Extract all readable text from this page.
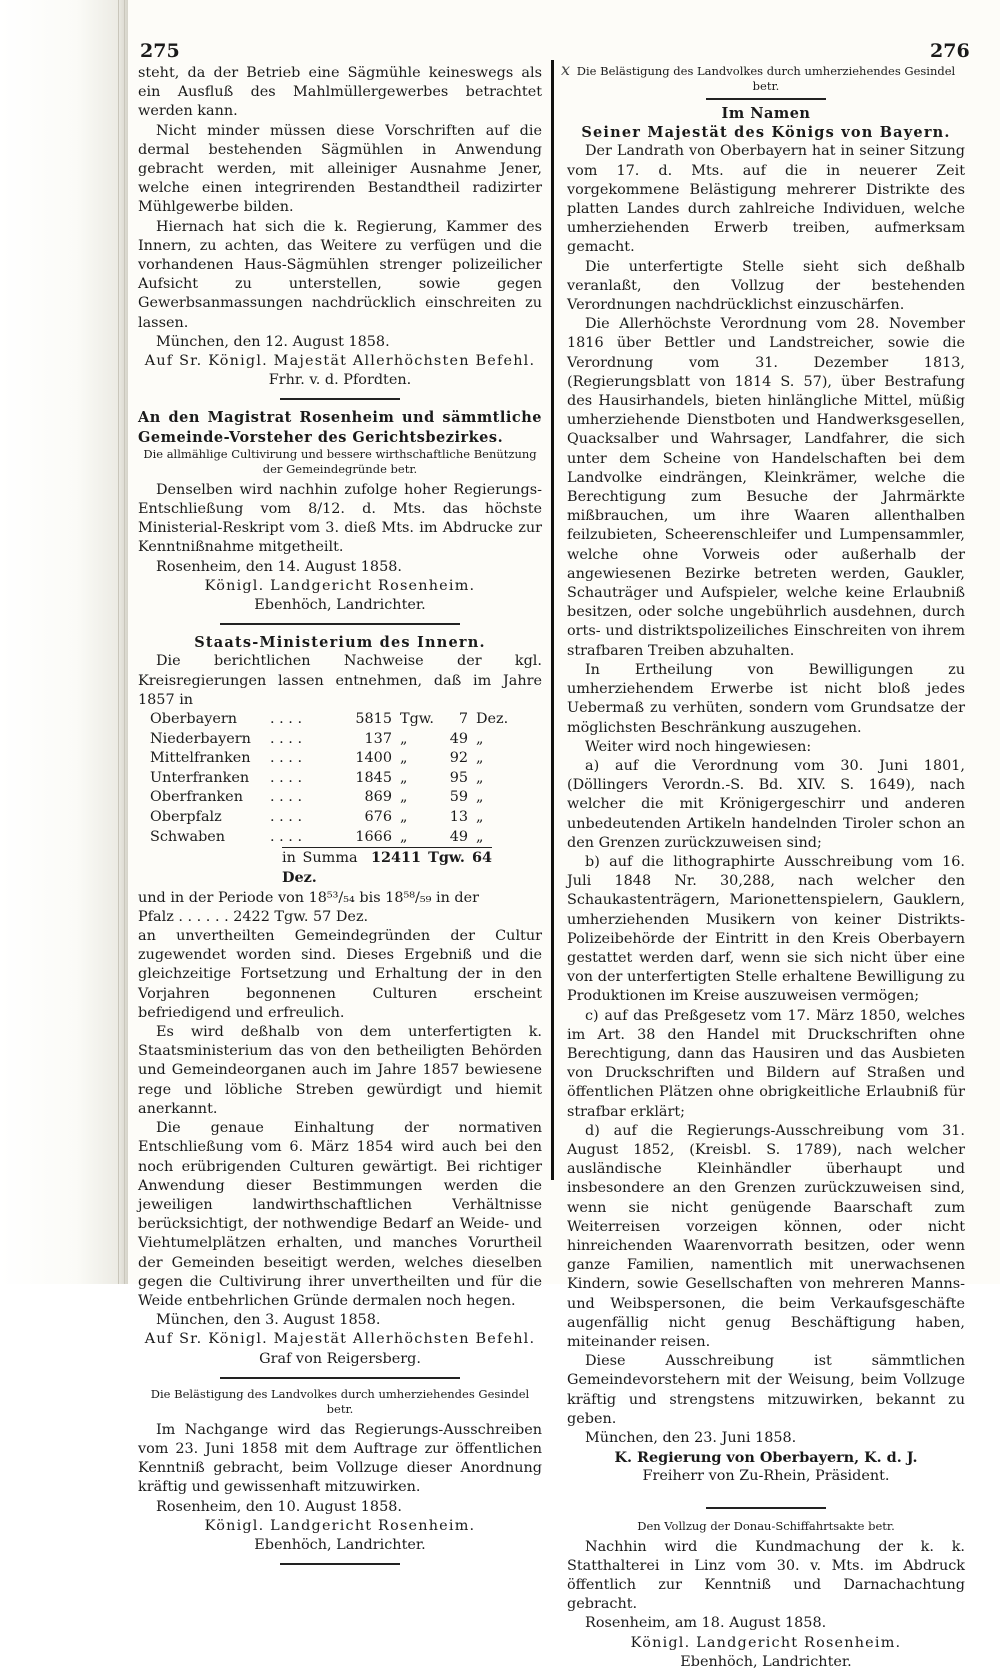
275	276
x

steht, da der Betrieb eine Sägmühle keineswegs als ein Ausfluß des Mahlmüllergewerbes betrachtet werden kann.

Nicht minder müssen diese Vorschriften auf die dermal bestehenden Sägmühlen in Anwendung gebracht werden, mit alleiniger Ausnahme Jener, welche einen integrirenden Bestandtheil radizirter Mühlgewerbe bilden.

Hiernach hat sich die k. Regierung, Kammer des Innern, zu achten, das Weitere zu verfügen und die vorhandenen Haus-Sägmühlen strenger polizeilicher Aufsicht zu unterstellen, sowie gegen Gewerbsanmassungen nachdrücklich einschreiten zu lassen.

München, den 12. August 1858.

Auf Sr. Königl. Majestät Allerhöchsten Befehl.

Frhr. v. d. Pfordten.

An den Magistrat Rosenheim und sämmtliche Gemeinde-Vorsteher des Gerichtsbezirkes.

Die allmählige Cultivirung und bessere wirthschaftliche Benützung der Gemeindegründe betr.

Denselben wird nachhin zufolge hoher Regierungs-Entschließung vom 8/12. d. Mts. das höchste Ministerial-Reskript vom 3. dieß Mts. im Abdrucke zur Kenntnißnahme mitgetheilt.

Rosenheim, den 14. August 1858.

Königl. Landgericht Rosenheim.

Ebenhöch, Landrichter.

Staats-Ministerium des Innern.

Die berichtlichen Nachweise der kgl. Kreisregierungen lassen entnehmen, daß im Jahre 1857 in

Oberbayern	. . . .	5815	Tgw.	7	Dez.
Niederbayern	. . . .	137	„	49	„
Mittelfranken	. . . .	1400	„	92	„
Unterfranken	. . . .	1845	„	95	„
Oberfranken	. . . .	869	„	59	„
Oberpfalz	. . . .	676	„	13	„
Schwaben	. . . .	1666	„	49	„

in Summa 12411 Tgw. 64 Dez.

und in der Periode von 18⁵³/₅₄ bis 18⁵⁸/₅₉ in der

Pfalz . . . . . . 2422 Tgw. 57 Dez.

an unvertheilten Gemeindegründen der Cultur zugewendet worden sind. Dieses Ergebniß und die gleichzeitige Fortsetzung und Erhaltung der in den Vorjahren begonnenen Culturen erscheint befriedigend und erfreulich.

Es wird deßhalb von dem unterfertigten k. Staatsministerium das von den betheiligten Behörden und Gemeindeorganen auch im Jahre 1857 bewiesene rege und löbliche Streben gewürdigt und hiemit anerkannt.

Die genaue Einhaltung der normativen Entschließung vom 6. März 1854 wird auch bei den noch erübrigenden Culturen gewärtigt. Bei richtiger Anwendung dieser Bestimmungen werden die jeweiligen landwirthschaftlichen Verhältnisse berücksichtigt, der nothwendige Bedarf an Weide- und Viehtumelplätzen erhalten, und manches Vorurtheil der Gemeinden beseitigt werden, welches dieselben gegen die Cultivirung ihrer unvertheilten und für die Weide entbehrlichen Gründe dermalen noch hegen.

München, den 3. August 1858.

Auf Sr. Königl. Majestät Allerhöchsten Befehl.

Graf von Reigersberg.

Die Belästigung des Landvolkes durch umherziehendes Gesindel betr.

Im Nachgange wird das Regierungs-Ausschreiben vom 23. Juni 1858 mit dem Auftrage zur öffentlichen Kenntniß gebracht, beim Vollzuge dieser Anordnung kräftig und gewissenhaft mitzuwirken.

Rosenheim, den 10. August 1858.

Königl. Landgericht Rosenheim.

Ebenhöch, Landrichter.

Die Belästigung des Landvolkes durch umherziehendes Gesindel betr.

Im Namen

Seiner Majestät des Königs von Bayern.

Der Landrath von Oberbayern hat in seiner Sitzung vom 17. d. Mts. auf die in neuerer Zeit vorgekommene Belästigung mehrerer Distrikte des platten Landes durch zahlreiche Individuen, welche umherziehenden Erwerb treiben, aufmerksam gemacht.

Die unterfertigte Stelle sieht sich deßhalb veranlaßt, den Vollzug der bestehenden Verordnungen nachdrücklichst einzuschärfen.

Die Allerhöchste Verordnung vom 28. November 1816 über Bettler und Landstreicher, sowie die Verordnung vom 31. Dezember 1813, (Regierungsblatt von 1814 S. 57), über Bestrafung des Hausirhandels, bieten hinlängliche Mittel, müßig umherziehende Dienstboten und Handwerksgesellen, Quacksalber und Wahrsager, Landfahrer, die sich unter dem Scheine von Handelschaften bei dem Landvolke eindrängen, Kleinkrämer, welche die Berechtigung zum Besuche der Jahrmärkte mißbrauchen, um ihre Waaren allenthalben feilzubieten, Scheerenschleifer und Lumpensammler, welche ohne Vorweis oder außerhalb der angewiesenen Bezirke betreten werden, Gaukler, Schauträger und Aufspieler, welche keine Erlaubniß besitzen, oder solche ungebührlich ausdehnen, durch orts- und distriktspolizeiliches Einschreiten von ihrem strafbaren Treiben abzuhalten.

In Ertheilung von Bewilligungen zu umherziehendem Erwerbe ist nicht bloß jedes Uebermaß zu verhüten, sondern vom Grundsatze der möglichsten Beschränkung auszugehen.

Weiter wird noch hingewiesen:

a) auf die Verordnung vom 30. Juni 1801, (Döllingers Verordn.-S. Bd. XIV. S. 1649), nach welcher die mit Krönigergeschirr und anderen unbedeutenden Artikeln handelnden Tiroler schon an den Grenzen zurückzuweisen sind;

b) auf die lithographirte Ausschreibung vom 16. Juli 1848 Nr. 30,288, nach welcher den Schaukastenträgern, Marionettenspielern, Gauklern, umherziehenden Musikern von keiner Distrikts-Polizeibehörde der Eintritt in den Kreis Oberbayern gestattet werden darf, wenn sie sich nicht über eine von der unterfertigten Stelle erhaltene Bewilligung zu Produktionen im Kreise auszuweisen vermögen;

c) auf das Preßgesetz vom 17. März 1850, welches im Art. 38 den Handel mit Druckschriften ohne Berechtigung, dann das Hausiren und das Ausbieten von Druckschriften und Bildern auf Straßen und öffentlichen Plätzen ohne obrigkeitliche Erlaubniß für strafbar erklärt;

d) auf die Regierungs-Ausschreibung vom 31. August 1852, (Kreisbl. S. 1789), nach welcher ausländische Kleinhändler überhaupt und insbesondere an den Grenzen zurückzuweisen sind, wenn sie nicht genügende Baarschaft zum Weiterreisen vorzeigen können, oder nicht hinreichenden Waarenvorrath besitzen, oder wenn ganze Familien, namentlich mit unerwachsenen Kindern, sowie Gesellschaften von mehreren Manns- und Weibspersonen, die beim Verkaufsgeschäfte augenfällig nicht genug Beschäftigung haben, miteinander reisen.

Diese Ausschreibung ist sämmtlichen Gemeindevorstehern mit der Weisung, beim Vollzuge kräftig und strengstens mitzuwirken, bekannt zu geben.

München, den 23. Juni 1858.

K. Regierung von Oberbayern, K. d. J.

Freiherr von Zu-Rhein, Präsident.

Den Vollzug der Donau-Schiffahrtsakte betr.

Nachhin wird die Kundmachung der k. k. Statthalterei in Linz vom 30. v. Mts. im Abdruck öffentlich zur Kenntniß und Darnachachtung gebracht.

Rosenheim, am 18. August 1858.

Königl. Landgericht Rosenheim.

Ebenhöch, Landrichter.
